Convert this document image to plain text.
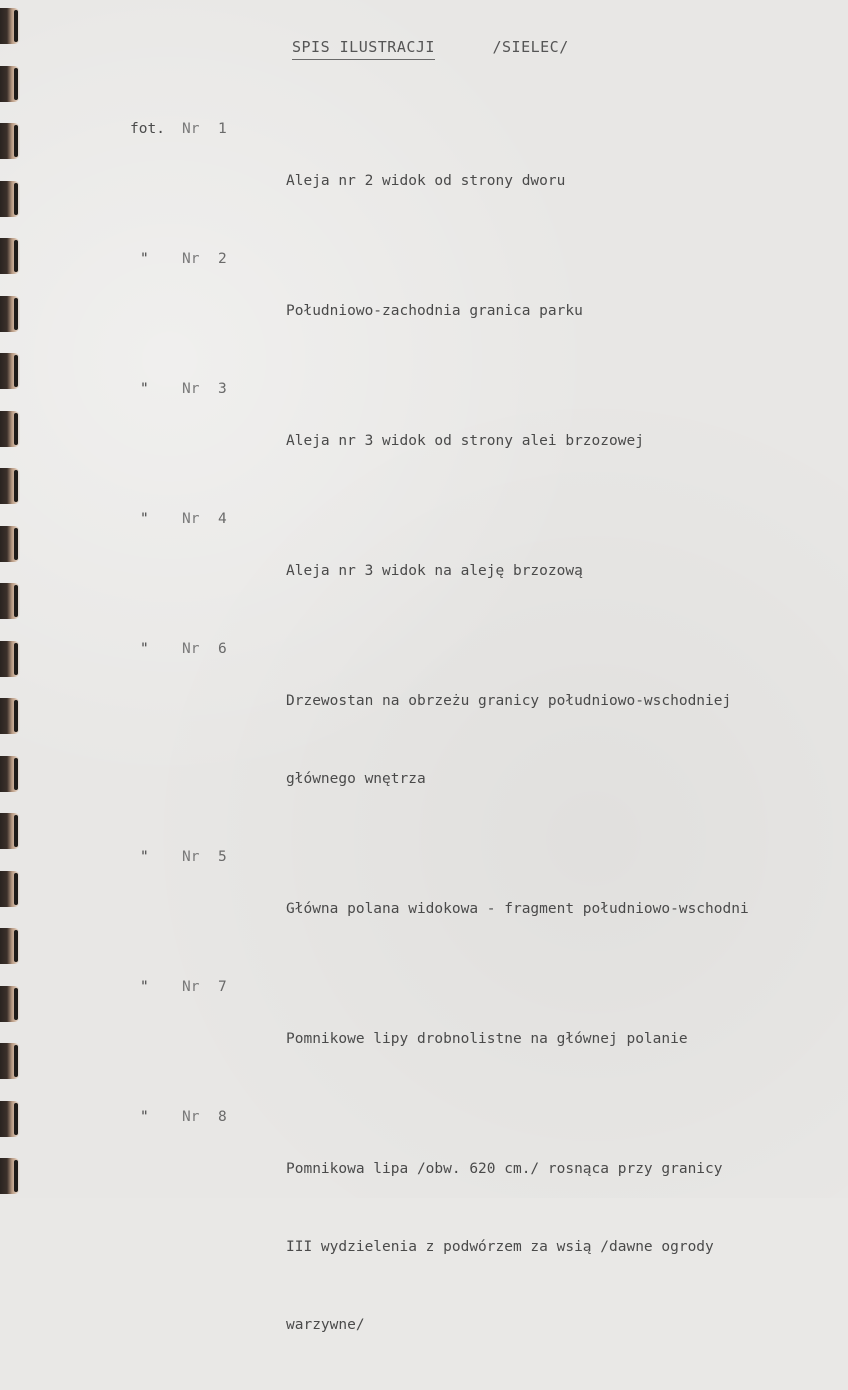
SPIS ILUSTRACJI	/SIELEC/
fot.	Nr	1

Aleja nr 2 widok od strony dworu

"	Nr	2

Południowo-zachodnia granica parku

"	Nr	3

Aleja nr 3 widok od strony alei brzozowej

"	Nr	4

Aleja nr 3 widok na aleję brzozową

"	Nr	6

Drzewostan na obrzeżu granicy południowo-wschodniej

głównego wnętrza

"	Nr	5

Główna polana widokowa - fragment południowo-wschodni

"	Nr	7

Pomnikowe lipy drobnolistne na głównej polanie

"	Nr	8

Pomnikowa lipa /obw. 620 cm./ rosnąca przy granicy

III wydzielenia z podwórzem za wsią /dawne ogrody

warzywne/
